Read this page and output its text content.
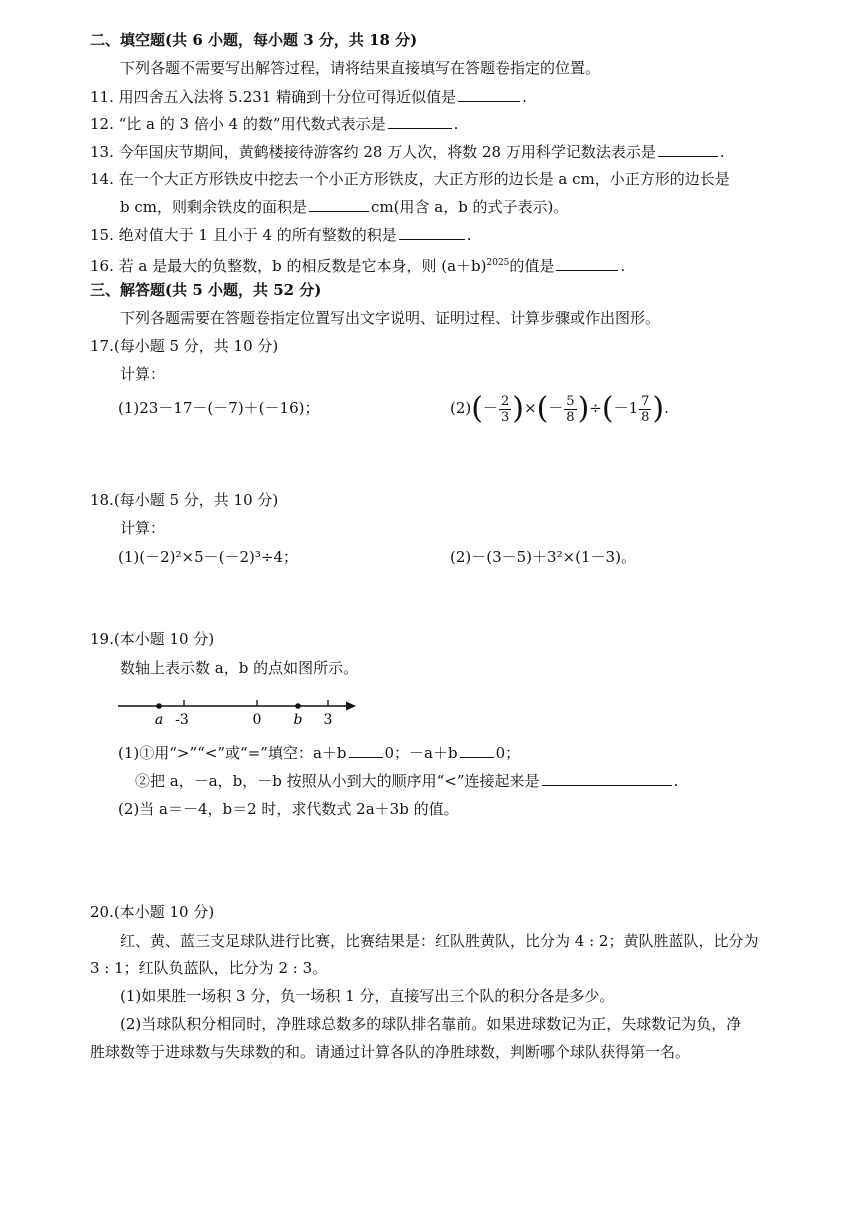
二、填空题(共 6 小题，每小题 3 分，共 18 分)
下列各题不需要写出解答过程，请将结果直接填写在答题卷指定的位置。
11. 用四舍五入法将 5.231 精确到十分位可得近似值是	.
12. “比 a 的 3 倍小 4 的数”用代数式表示是	.
13. 今年国庆节期间，黄鹤楼接待游客约 28 万人次，将数 28 万用科学记数法表示是	.
14. 在一个大正方形铁皮中挖去一个小正方形铁皮，大正方形的边长是 a cm，小正方形的边长是
b cm，则剩余铁皮的面积是	cm(用含 a，b 的式子表示)。
15. 绝对值大于 1 且小于 4 的所有整数的积是	.
16. 若 a 是最大的负整数，b 的相反数是它本身，则 $(a+b)^{2025}$的值是	.
三、解答题(共 5 小题，共 52 分)
下列各题需要在答题卷指定位置写出文字说明、证明过程、计算步骤或作出图形。
17.(每小题 5 分，共 10 分)
计算：
(1)23－17－(－7)＋(－16)；	$(2)(- \frac{2}{3}$ )×(－ $\frac{5}{8} )\div(-1 \frac{7}{8}$ ).
18.(每小题 5 分，共 10 分)
计算：
(1)(－2)²×5－(－2)³÷4；	(2)－(3－5)＋3²×(1－3)。
19.(本小题 10 分)
数轴上表示数 a，b 的点如图所示。
a -3	0 b 3
(1)①用“>”“<”或“=”填空：a＋b	0；－a＋b	0；
②把 a，－a，b，－b 按照从小到大的顺序用“<”连接起来是	.
(2)当 a＝－4，b＝2 时，求代数式 2a＋3b 的值。
20.(本小题 10 分)
红、黄、蓝三支足球队进行比赛，比赛结果是：红队胜黄队，比分为 4 : 2；黄队胜蓝队，比分为
3 : 1；红队负蓝队，比分为 2 : 3。
(1)如果胜一场积 3 分，负一场积 1 分，直接写出三个队的积分各是多少。
(2)当球队积分相同时，净胜球总数多的球队排名靠前。如果进球数记为正，失球数记为负，净
胜球数等于进球数与失球数的和。请通过计算各队的净胜球数，判断哪个球队获得第一名。
